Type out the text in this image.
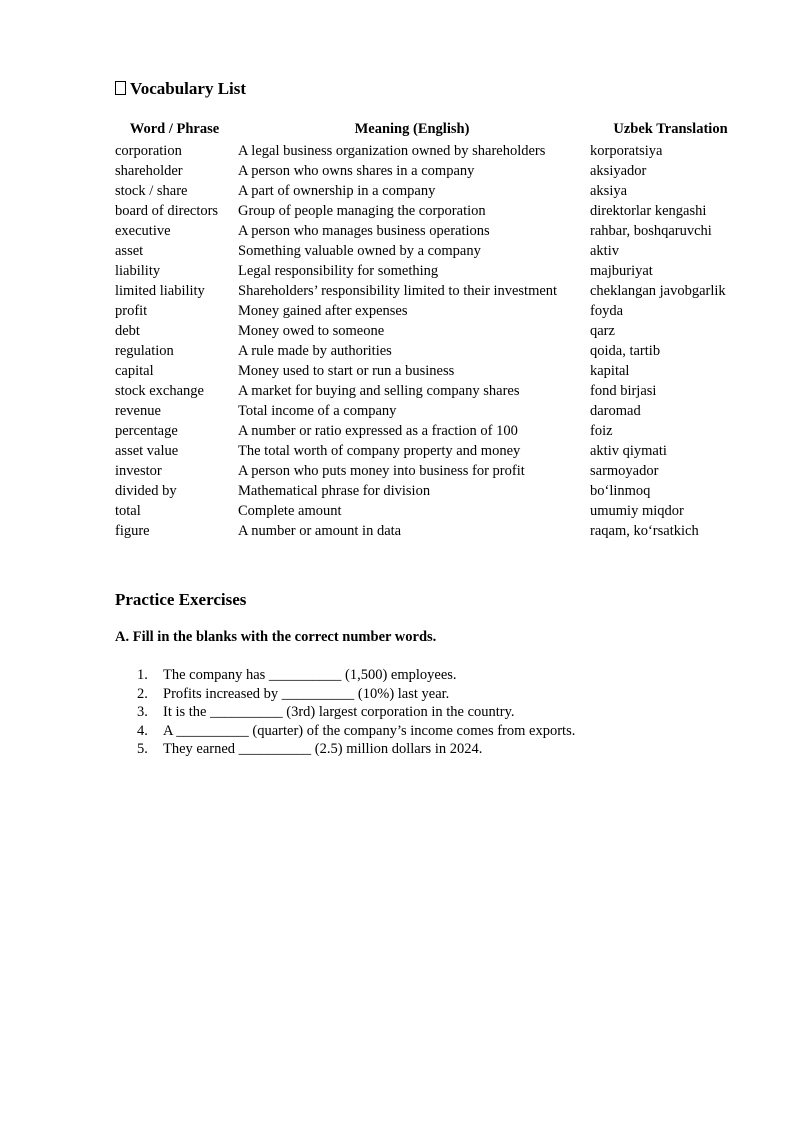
Vocabulary List
Word / Phrase	Meaning (English)	Uzbek Translation
corporation	A legal business organization owned by shareholders	korporatsiya
shareholder	A person who owns shares in a company	aksiyador
stock / share	A part of ownership in a company	aksiya
board of directors	Group of people managing the corporation	direktorlar kengashi
executive	A person who manages business operations	rahbar, boshqaruvchi
asset	Something valuable owned by a company	aktiv
liability	Legal responsibility for something	majburiyat
limited liability	Shareholders’ responsibility limited to their investment	cheklangan javobgarlik
profit	Money gained after expenses	foyda
debt	Money owed to someone	qarz
regulation	A rule made by authorities	qoida, tartib
capital	Money used to start or run a business	kapital
stock exchange	A market for buying and selling company shares	fond birjasi
revenue	Total income of a company	daromad
percentage	A number or ratio expressed as a fraction of 100	foiz
asset value	The total worth of company property and money	aktiv qiymati
investor	A person who puts money into business for profit	sarmoyador
divided by	Mathematical phrase for division	bo‘linmoq
total	Complete amount	umumiy miqdor
figure	A number or amount in data	raqam, ko‘rsatkich
Practice Exercises
A. Fill in the blanks with the correct number words.
1. The company has __________ (1,500) employees.
2. Profits increased by __________ (10%) last year.
3. It is the __________ (3rd) largest corporation in the country.
4. A __________ (quarter) of the company’s income comes from exports.
5. They earned __________ (2.5) million dollars in 2024.
